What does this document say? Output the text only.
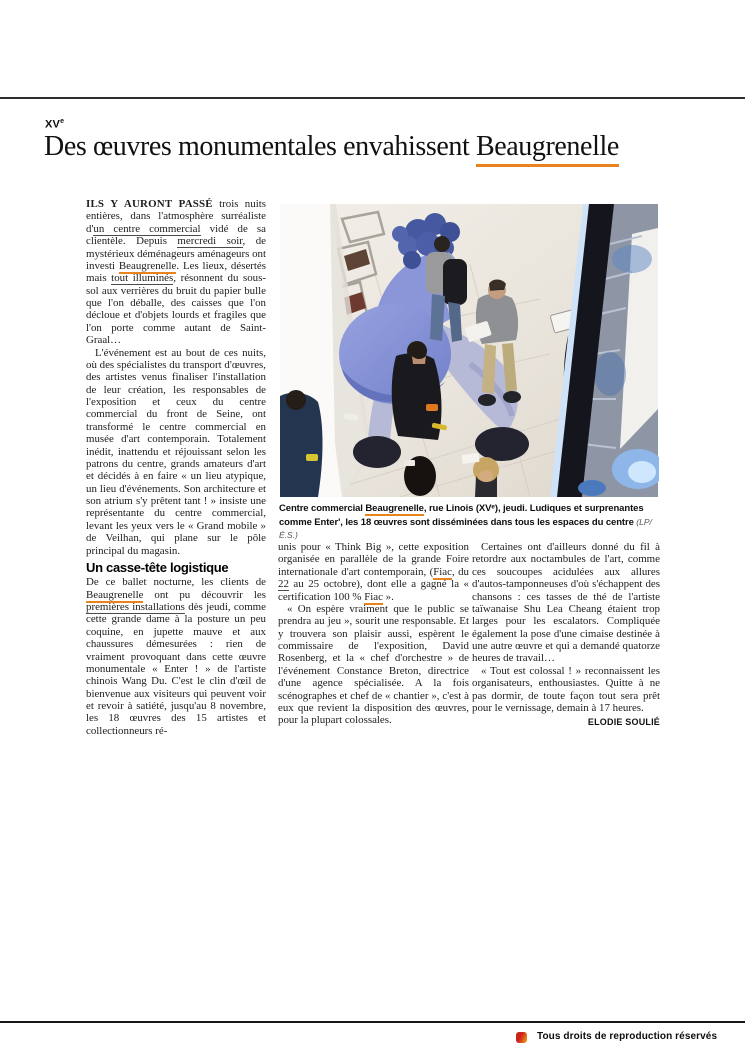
XVe
Des œuvres monumentales envahissent Beaugrenelle

ILS Y AURONT PASSÉ trois nuits entières, dans l'atmosphère surréaliste d'un centre commercial vidé de sa clientèle. Depuis mercredi soir, de mystérieux déménageurs aménageurs ont investi Beaugrenelle. Les lieux, désertés mais tout illuminés, résonnent du sous-sol aux verrières du bruit du papier bulle que l'on déballe, des caisses que l'on décloue et d'objets lourds et fragiles que l'on porte comme autant de Saint-Graal…

L'événement est au bout de ces nuits, où des spécialistes du transport d'œuvres, des artistes venus finaliser l'installation de leur création, les responsables de l'exposition et ceux du centre commercial du front de Seine, ont transformé le centre commercial en musée d'art contemporain. Totalement inédit, inattendu et réjouissant selon les patrons du centre, grands amateurs d'art et décidés à en faire « un lieu atypique, un lieu d'événements. Son architecture et son atrium s'y prêtent tant ! » insiste une représentante du centre commercial, levant les yeux vers le « Grand mobile » de Veilhan, qui plane sur le pôle principal du magasin.

Un casse-tête logistique

De ce ballet nocturne, les clients de Beaugrenelle ont pu découvrir les premières installations dès jeudi, comme cette grande dame à la posture un peu coquine, en jupette mauve et aux chaussures démesurées : rien de vraiment provoquant dans cette œuvre monumentale « Enter ! » de l'artiste chinois Wang Du. C'est le clin d'œil de bienvenue aux visiteurs qui peuvent voir et revoir à satiété, jusqu'au 8 novembre, les 18 œuvres des 15 artistes et collectionneurs ré-

Centre commercial Beaugrenelle, rue Linois (XVᵉ), jeudi. Ludiques et surprenantes comme Enter', les 18 œuvres sont disséminées dans tous les espaces du centre (LP/É.S.)

unis pour « Think Big », cette exposition organisée en parallèle de la grande Foire internationale d'art contemporain, (Fiac, du 22 au 25 octobre), dont elle a gagné la « certification 100 % Fiac ».

« On espère vraiment que le public se prendra au jeu », sourit une responsable. Et y trouvera son plaisir aussi, espèrent le commissaire de l'exposition, David Rosenberg, et la « chef d'orchestre » de l'événement Constance Breton, directrice d'une agence spécialisée. A la fois scénographes et chef de « chantier », c'est à eux que revient la disposition des œuvres, pour la plupart colossales.

Certaines ont d'ailleurs donné du fil à retordre aux noctambules de l'art, comme ces soucoupes acidulées aux allures d'autos-tamponneuses d'où s'échappent des chansons : ces tasses de thé de l'artiste taïwanaise Shu Lea Cheang étaient trop larges pour les escalators. Compliquée également la pose d'une cimaise destinée à une autre œuvre et qui a demandé quatorze heures de travail…

« Tout est colossal ! » reconnaissent les organisateurs, enthousiastes. Quitte à ne pas dormir, de toute façon tout sera prêt pour le vernissage, demain à 17 heures.

ELODIE SOULIÉ
Tous droits de reproduction réservés
